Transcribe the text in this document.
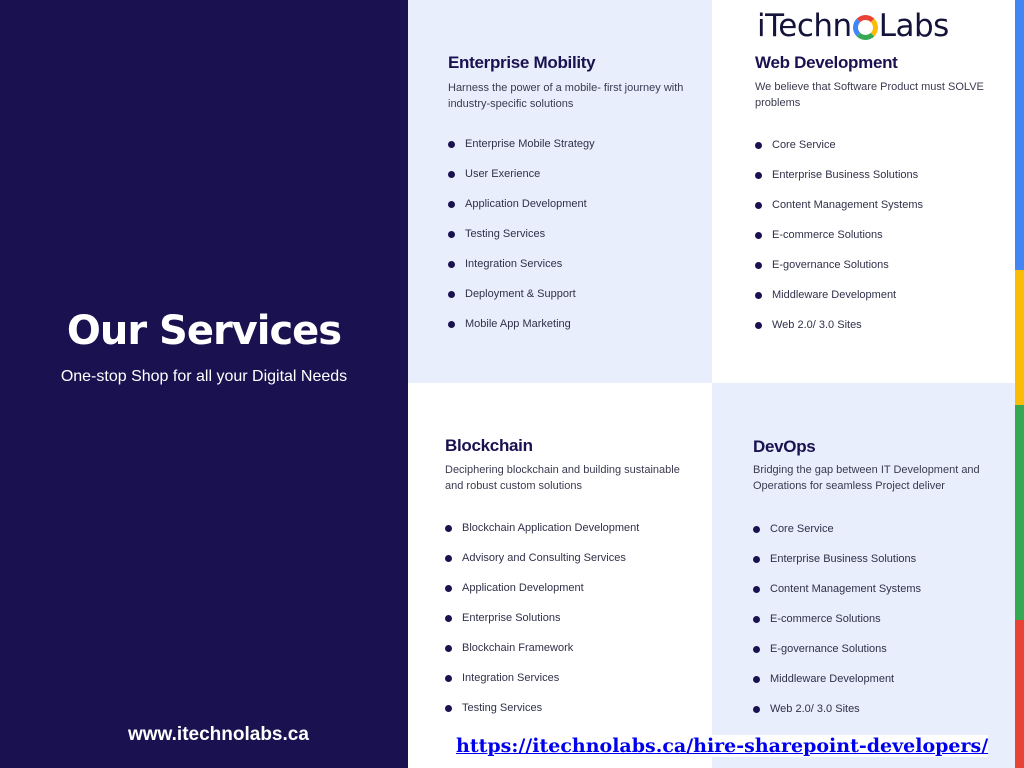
Our Services
One-stop Shop for all your Digital Needs
www.itechnolabs.ca
Enterprise Mobility
Harness the power of a mobile- first journey with industry-specific solutions
Enterprise Mobile Strategy
User Exerience
Application Development
Testing Services
Integration Services
Deployment & Support
Mobile App Marketing
Web Development
We believe that Software Product must SOLVE problems
Core Service
Enterprise Business Solutions
Content Management Systems
E-commerce Solutions
E-governance Solutions
Middleware Development
Web 2.0/ 3.0 Sites
Blockchain
Deciphering blockchain and building sustainable and robust custom solutions
Blockchain Application Development
Advisory and Consulting Services
Application Development
Enterprise Solutions
Blockchain Framework
Integration Services
Testing Services
DevOps
Bridging the gap between IT Development and Operations for seamless Project deliver
Core Service
Enterprise Business Solutions
Content Management Systems
E-commerce Solutions
E-governance Solutions
Middleware Development
Web 2.0/ 3.0 Sites
iTechn Labs
https://itechnolabs.ca/hire-sharepoint-developers/
